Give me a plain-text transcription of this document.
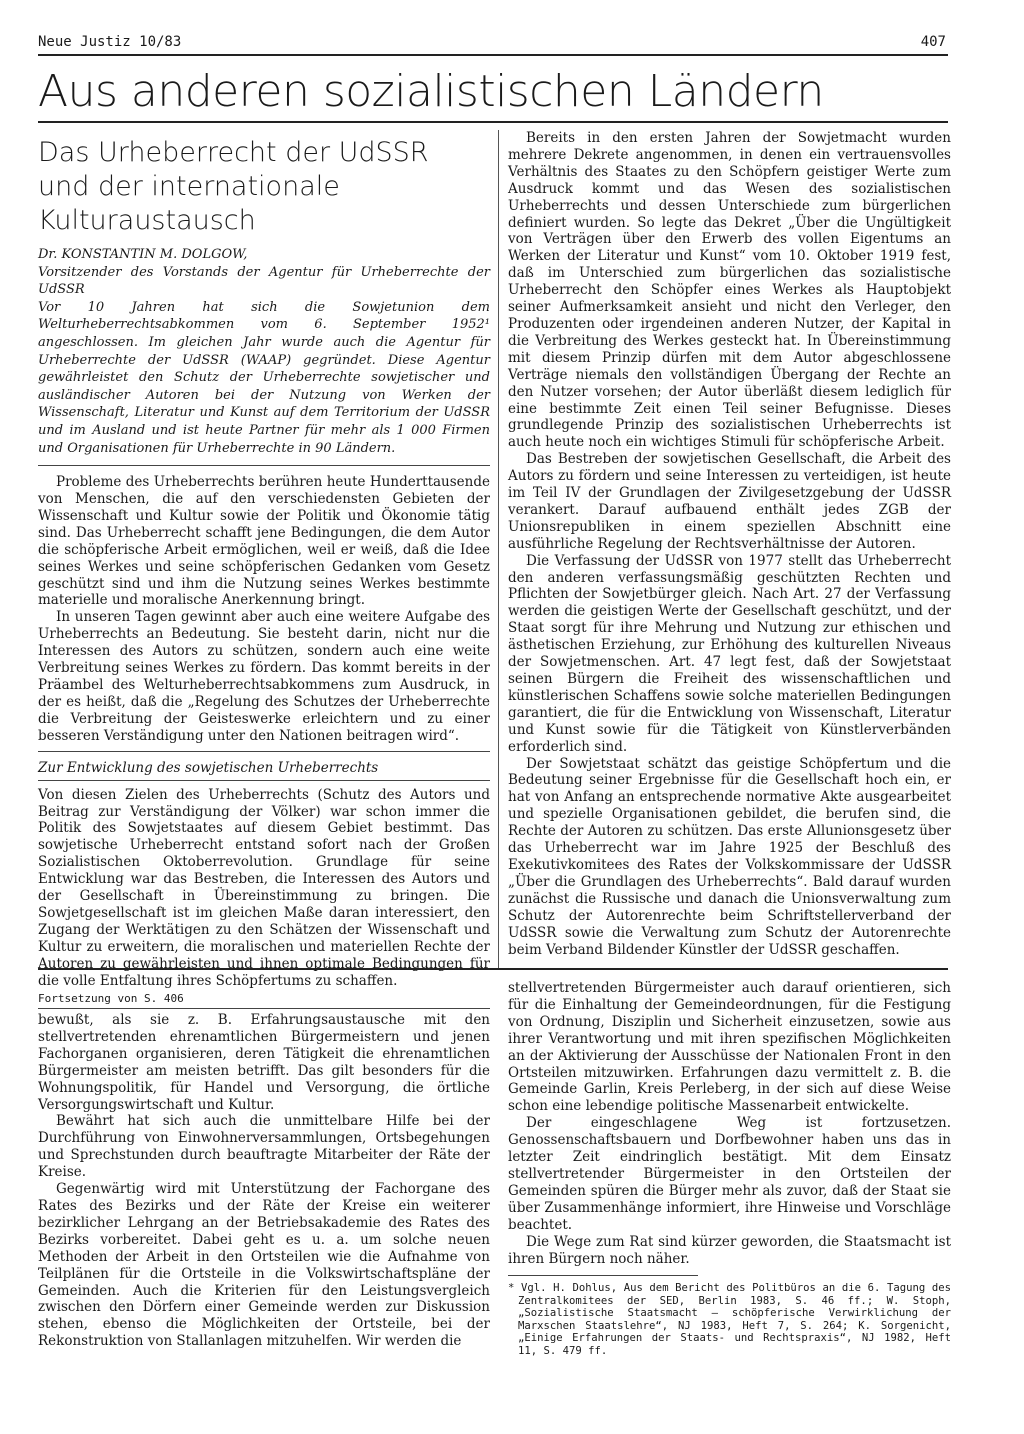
Neue Justiz 10/83	407
Aus anderen sozialistischen Ländern
Das Urheberrecht der UdSSR
und der internationale Kulturaustausch
Dr. KONSTANTIN M. DOLGOW,
Vorsitzender des Vorstands der Agentur für Urheberrechte der UdSSR
Vor 10 Jahren hat sich die Sowjetunion dem Welturheberrechtsabkommen vom 6. September 1952¹ angeschlossen. Im gleichen Jahr wurde auch die Agentur für Urheberrechte der UdSSR (WAAP) gegründet. Diese Agentur gewährleistet den Schutz der Urheberrechte sowjetischer und ausländischer Autoren bei der Nutzung von Werken der Wissenschaft, Literatur und Kunst auf dem Territorium der UdSSR und im Ausland und ist heute Partner für mehr als 1 000 Firmen und Organisationen für Urheberrechte in 90 Ländern.

Probleme des Urheberrechts berühren heute Hunderttausende von Menschen, die auf den verschiedensten Gebieten der Wissenschaft und Kultur sowie der Politik und Ökonomie tätig sind. Das Urheberrecht schafft jene Bedingungen, die dem Autor die schöpferische Arbeit ermöglichen, weil er weiß, daß die Idee seines Werkes und seine schöpferischen Gedanken vom Gesetz geschützt sind und ihm die Nutzung seines Werkes bestimmte materielle und moralische Anerkennung bringt.

In unseren Tagen gewinnt aber auch eine weitere Aufgabe des Urheberrechts an Bedeutung. Sie besteht darin, nicht nur die Interessen des Autors zu schützen, sondern auch eine weite Verbreitung seines Werkes zu fördern. Das kommt bereits in der Präambel des Welturheberrechtsabkommens zum Ausdruck, in der es heißt, daß die „Regelung des Schutzes der Urheberrechte die Verbreitung der Geisteswerke erleichtern und zu einer besseren Verständigung unter den Nationen beitragen wird“.

Zur Entwicklung des sowjetischen Urheberrechts

Von diesen Zielen des Urheberrechts (Schutz des Autors und Beitrag zur Verständigung der Völker) war schon immer die Politik des Sowjetstaates auf diesem Gebiet bestimmt. Das sowjetische Urheberrecht entstand sofort nach der Großen Sozialistischen Oktoberrevolution. Grundlage für seine Entwicklung war das Bestreben, die Interessen des Autors und der Gesellschaft in Übereinstimmung zu bringen. Die Sowjetgesellschaft ist im gleichen Maße daran interessiert, den Zugang der Werktätigen zu den Schätzen der Wissenschaft und Kultur zu erweitern, die moralischen und materiellen Rechte der Autoren zu gewährleisten und ihnen optimale Bedingungen für die volle Entfaltung ihres Schöpfertums zu schaffen.

Bereits in den ersten Jahren der Sowjetmacht wurden mehrere Dekrete angenommen, in denen ein vertrauensvolles Verhältnis des Staates zu den Schöpfern geistiger Werte zum Ausdruck kommt und das Wesen des sozialistischen Urheberrechts und dessen Unterschiede zum bürgerlichen definiert wurden. So legte das Dekret „Über die Ungültigkeit von Verträgen über den Erwerb des vollen Eigentums an Werken der Literatur und Kunst“ vom 10. Oktober 1919 fest, daß im Unterschied zum bürgerlichen das sozialistische Urheberrecht den Schöpfer eines Werkes als Hauptobjekt seiner Aufmerksamkeit ansieht und nicht den Verleger, den Produzenten oder irgendeinen anderen Nutzer, der Kapital in die Verbreitung des Werkes gesteckt hat. In Übereinstimmung mit diesem Prinzip dürfen mit dem Autor abgeschlossene Verträge niemals den vollständigen Übergang der Rechte an den Nutzer vorsehen; der Autor überläßt diesem lediglich für eine bestimmte Zeit einen Teil seiner Befugnisse. Dieses grundlegende Prinzip des sozialistischen Urheberrechts ist auch heute noch ein wichtiges Stimuli für schöpferische Arbeit.

Das Bestreben der sowjetischen Gesellschaft, die Arbeit des Autors zu fördern und seine Interessen zu verteidigen, ist heute im Teil IV der Grundlagen der Zivilgesetzgebung der UdSSR verankert. Darauf aufbauend enthält jedes ZGB der Unionsrepubliken in einem speziellen Abschnitt eine ausführliche Regelung der Rechtsverhältnisse der Autoren.

Die Verfassung der UdSSR von 1977 stellt das Urheberrecht den anderen verfassungsmäßig geschützten Rechten und Pflichten der Sowjetbürger gleich. Nach Art. 27 der Verfassung werden die geistigen Werte der Gesellschaft geschützt, und der Staat sorgt für ihre Mehrung und Nutzung zur ethischen und ästhetischen Erziehung, zur Erhöhung des kulturellen Niveaus der Sowjetmenschen. Art. 47 legt fest, daß der Sowjetstaat seinen Bürgern die Freiheit des wissenschaftlichen und künstlerischen Schaffens sowie solche materiellen Bedingungen garantiert, die für die Entwicklung von Wissenschaft, Literatur und Kunst sowie für die Tätigkeit von Künstlerverbänden erforderlich sind.

Der Sowjetstaat schätzt das geistige Schöpfertum und die Bedeutung seiner Ergebnisse für die Gesellschaft hoch ein, er hat von Anfang an entsprechende normative Akte ausgearbeitet und spezielle Organisationen gebildet, die berufen sind, die Rechte der Autoren zu schützen. Das erste Allunionsgesetz über das Urheberrecht war im Jahre 1925 der Beschluß des Exekutivkomitees des Rates der Volkskommissare der UdSSR „Über die Grundlagen des Urheberrechts“. Bald darauf wurden zunächst die Russische und danach die Unionsverwaltung zum Schutz der Autorenrechte beim Schriftstellerverband der UdSSR sowie die Verwaltung zum Schutz der Autorenrechte beim Verband Bildender Künstler der UdSSR geschaffen.

Fortsetzung von S. 406

bewußt, als sie z. B. Erfahrungsaustausche mit den stellvertretenden ehrenamtlichen Bürgermeistern und jenen Fachorganen organisieren, deren Tätigkeit die ehrenamtlichen Bürgermeister am meisten betrifft. Das gilt besonders für die Wohnungspolitik, für Handel und Versorgung, die örtliche Versorgungswirtschaft und Kultur.

Bewährt hat sich auch die unmittelbare Hilfe bei der Durchführung von Einwohnerversammlungen, Ortsbegehungen und Sprechstunden durch beauftragte Mitarbeiter der Räte der Kreise.

Gegenwärtig wird mit Unterstützung der Fachorgane des Rates des Bezirks und der Räte der Kreise ein weiterer bezirklicher Lehrgang an der Betriebsakademie des Rates des Bezirks vorbereitet. Dabei geht es u. a. um solche neuen Methoden der Arbeit in den Ortsteilen wie die Aufnahme von Teilplänen für die Ortsteile in die Volkswirtschaftspläne der Gemeinden. Auch die Kriterien für den Leistungsvergleich zwischen den Dörfern einer Gemeinde werden zur Diskussion stehen, ebenso die Möglichkeiten der Ortsteile, bei der Rekonstruktion von Stallanlagen mitzuhelfen. Wir werden die

stellvertretenden Bürgermeister auch darauf orientieren, sich für die Einhaltung der Gemeindeordnungen, für die Festigung von Ordnung, Disziplin und Sicherheit einzusetzen, sowie aus ihrer Verantwortung und mit ihren spezifischen Möglichkeiten an der Aktivierung der Ausschüsse der Nationalen Front in den Ortsteilen mitzuwirken. Erfahrungen dazu vermittelt z. B. die Gemeinde Garlin, Kreis Perleberg, in der sich auf diese Weise schon eine lebendige politische Massenarbeit entwickelte.

Der eingeschlagene Weg ist fortzusetzen. Genossenschaftsbauern und Dorfbewohner haben uns das in letzter Zeit eindringlich bestätigt. Mit dem Einsatz stellvertretender Bürgermeister in den Ortsteilen der Gemeinden spüren die Bürger mehr als zuvor, daß der Staat sie über Zusammenhänge informiert, ihre Hinweise und Vorschläge beachtet.

Die Wege zum Rat sind kürzer geworden, die Staatsmacht ist ihren Bürgern noch näher.

* Vgl. H. Dohlus, Aus dem Bericht des Politbüros an die 6. Tagung des Zentralkomitees der SED, Berlin 1983, S. 46 ff.; W. Stoph, „Sozialistische Staatsmacht – schöpferische Verwirklichung der Marxschen Staatslehre“, NJ 1983, Heft 7, S. 264; K. Sorgenicht, „Einige Erfahrungen der Staats- und Rechtspraxis“, NJ 1982, Heft 11, S. 479 ff.
